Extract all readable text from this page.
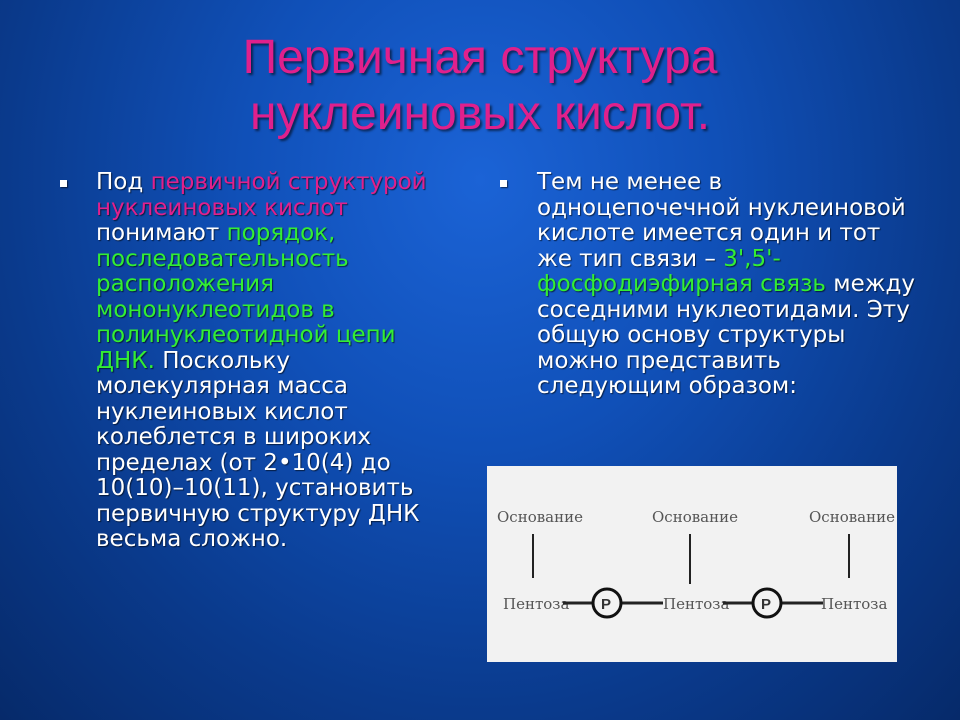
Первичная структура
нуклеиновых кислот.
Под первичной структурой нуклеиновых кислот понимают порядок, последовательность расположения мононуклеотидов в полинуклеотидной цепи ДНК. Поскольку молекулярная масса нуклеиновых кислот колеблется в широких пределах (от 2•10(4) до 10(10)–10(11), установить первичную структуру ДНК весьма сложно.
Тем не менее в одноцепочечной нуклеиновой кислоте имеется один и тот же тип связи – 3',5'-фосфодиэфирная связь между соседними нуклеотидами. Эту общую основу структуры можно представить следующим образом:
Основание	Основание	Основание
Пентоза	Пентоза	Пентоза
P	P
